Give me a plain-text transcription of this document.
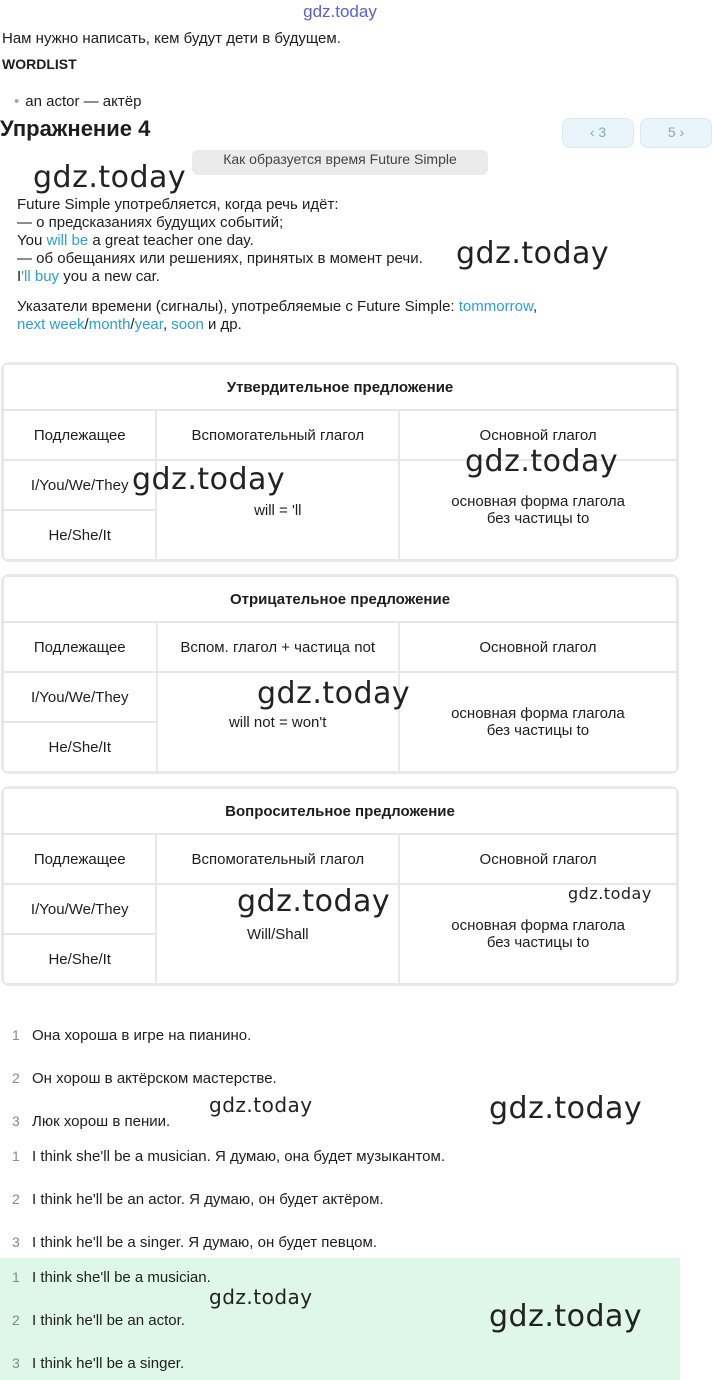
gdz.today
Нам нужно написать, кем будут дети в будущем.
WORDLIST
• an actor — актёр
Упражнение 4	‹ 3	5 ›
Как образуется время Future Simple
gdz.today
gdz.today
Future Simple употребляется, когда речь идёт:
— о предсказаниях будущих событий;
You will be a great teacher one day.
— об обещаниях или решениях, принятых в момент речи.
I'll buy you a new car.
Указатели времени (сигналы), употребляемые с Future Simple: tommorrow,
next week/month/year, soon и др.
Утвердительное предложение		
Подлежащее	Вспомогательный глагол	Основной глагол
I/You/We/They	will = 'll	основная форма глагола
без частицы to
He/She/It		
Отрицательное предложение		
Подлежащее	Вспом. глагол + частица not	Основной глагол
I/You/We/They	will not = won't	основная форма глагола
без частицы to
He/She/It		
Вопросительное предложение		
Подлежащее	Вспомогательный глагол	Основной глагол
I/You/We/They	Will/Shall	основная форма глагола
без частицы to
He/She/It		
gdz.today
gdz.today
gdz.today
gdz.today	gdz.today
1 Она хороша в игре на пианино.
2 Он хорош в актёрском мастерстве.
3 Люк хорош в пении.
1 I think she'll be a musician. Я думаю, она будет музыкантом.
2 I think he'll be an actor. Я думаю, он будет актёром.
3 I think he'll be a singer. Я думаю, он будет певцом.
1 I think she'll be a musician.
2 I think he'll be an actor.
3 I think he'll be a singer.
gdz.today	gdz.today
gdz.today
gdz.today
